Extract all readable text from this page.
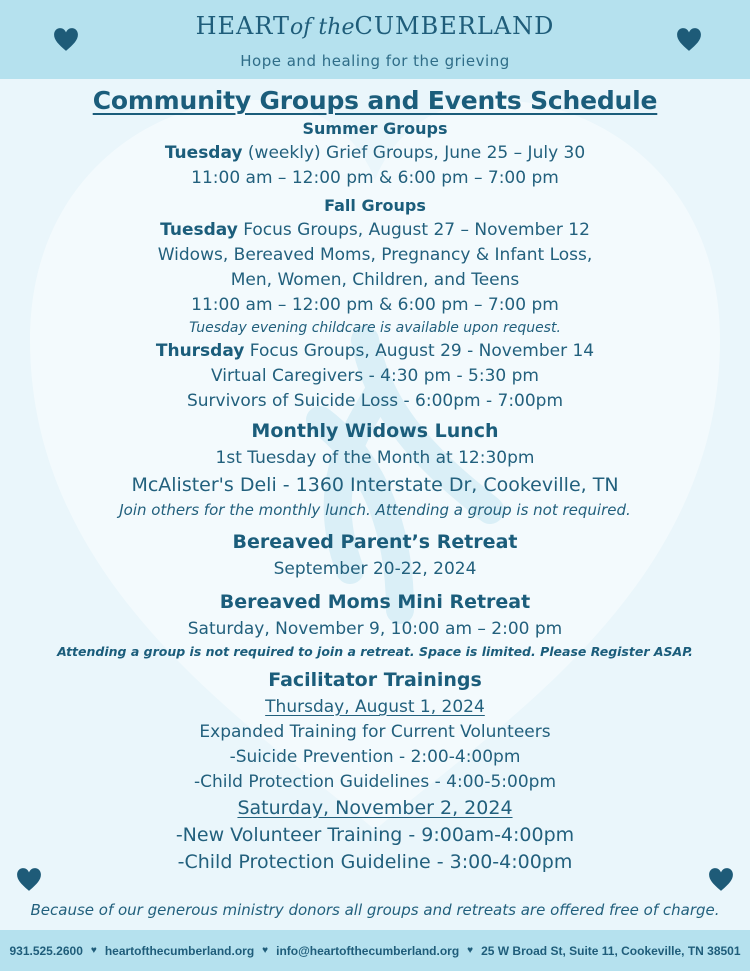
HEARTof theCUMBERLAND
Hope and healing for the grieving
Community Groups and Events Schedule
Summer Groups
Tuesday (weekly) Grief Groups, June 25 – July 30
11:00 am – 12:00 pm & 6:00 pm – 7:00 pm
Fall Groups
Tuesday Focus Groups, August 27 – November 12
Widows, Bereaved Moms, Pregnancy & Infant Loss,
Men, Women, Children, and Teens
11:00 am – 12:00 pm & 6:00 pm – 7:00 pm
Tuesday evening childcare is available upon request.
Thursday Focus Groups, August 29 - November 14
Virtual Caregivers - 4:30 pm - 5:30 pm
Survivors of Suicide Loss - 6:00pm - 7:00pm
Monthly Widows Lunch
1st Tuesday of the Month at 12:30pm
McAlister's Deli - 1360 Interstate Dr, Cookeville, TN
Join others for the monthly lunch. Attending a group is not required.
Bereaved Parent’s Retreat
September 20-22, 2024
Bereaved Moms Mini Retreat
Saturday, November 9, 10:00 am – 2:00 pm
Attending a group is not required to join a retreat. Space is limited. Please Register ASAP.
Facilitator Trainings
Thursday, August 1, 2024
Expanded Training for Current Volunteers
-Suicide Prevention - 2:00-4:00pm
-Child Protection Guidelines - 4:00-5:00pm
Saturday, November 2, 2024
-New Volunteer Training - 9:00am-4:00pm
-Child Protection Guideline - 3:00-4:00pm
Because of our generous ministry donors all groups and retreats are offered free of charge.
931.525.2600 ♥ heartofthecumberland.org ♥ info@heartofthecumberland.org ♥ 25 W Broad St, Suite 11, Cookeville, TN 38501
